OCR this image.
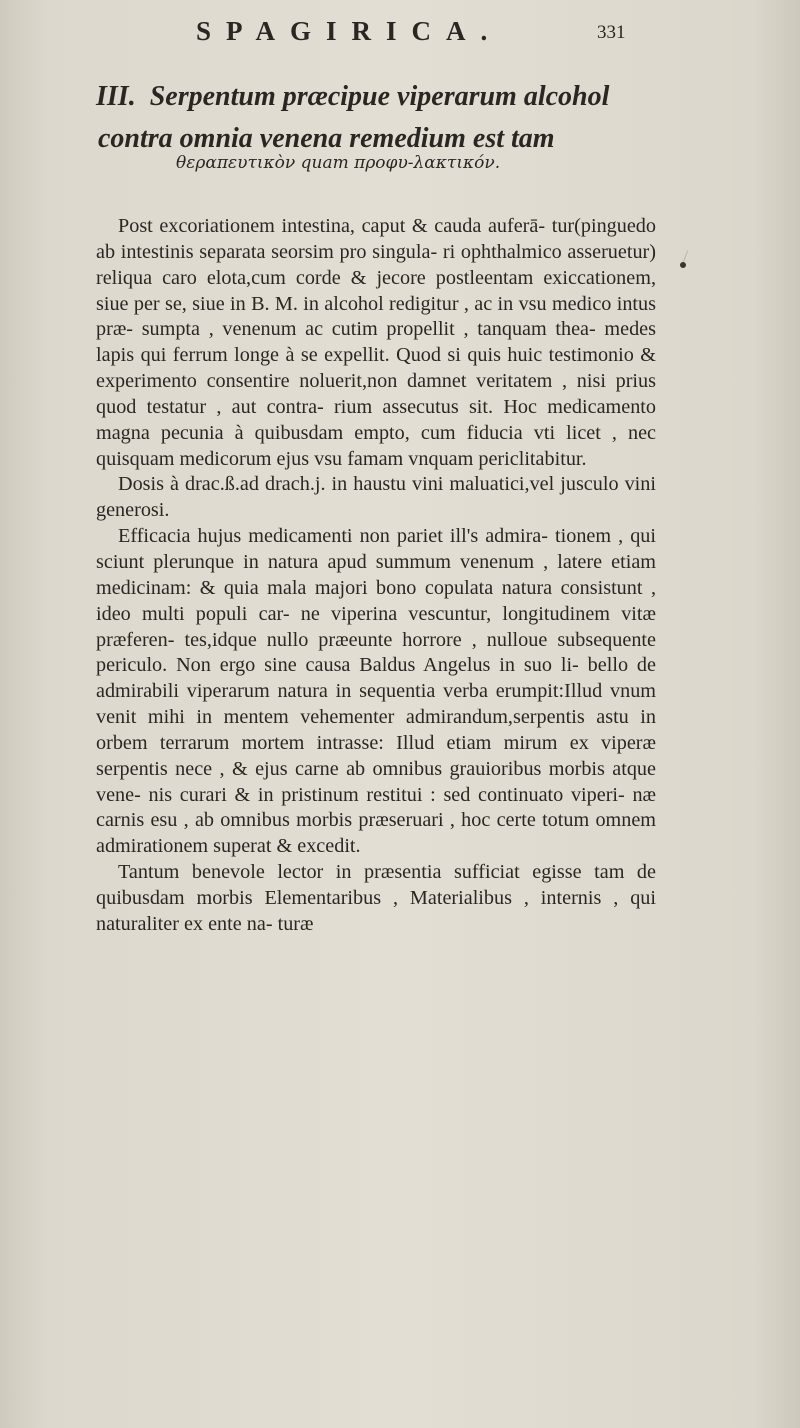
SPAGIRICA.	331
III. Serpentum præcipue viperarum alcohol
contra omnia venena remedium est tam
θεραπευτικὸν quam προφυ-λακτικόν.

Post excoriationem intestina, caput & cauda auferā- tur(pinguedo ab intestinis separata seorsim pro singula- ri ophthalmico asseruetur) reliqua caro elota,cum corde & jecore postleentam exiccationem, siue per se, siue in B. M. in alcohol redigitur , ac in vsu medico intus præ- sumpta , venenum ac cutim propellit , tanquam thea- medes lapis qui ferrum longe à se expellit. Quod si quis huic testimonio & experimento consentire noluerit,non damnet veritatem , nisi prius quod testatur , aut contra- rium assecutus sit. Hoc medicamento magna pecunia à quibusdam empto, cum fiducia vti licet , nec quisquam medicorum ejus vsu famam vnquam periclitabitur.

Dosis à drac.ß.ad drach.j. in haustu vini maluatici,vel jusculo vini generosi.

Efficacia hujus medicamenti non pariet ill's admira- tionem , qui sciunt plerunque in natura apud summum venenum , latere etiam medicinam: & quia mala majori bono copulata natura consistunt , ideo multi populi car- ne viperina vescuntur, longitudinem vitæ præferen- tes,idque nullo præeunte horrore , nulloue subsequente periculo. Non ergo sine causa Baldus Angelus in suo li- bello de admirabili viperarum natura in sequentia verba erumpit:Illud vnum venit mihi in mentem vehementer admirandum,serpentis astu in orbem terrarum mortem intrasse: Illud etiam mirum ex viperæ serpentis nece , & ejus carne ab omnibus grauioribus morbis atque vene- nis curari & in pristinum restitui : sed continuato viperi- næ carnis esu , ab omnibus morbis præseruari , hoc certe totum omnem admirationem superat & excedit.

Tantum benevole lector in præsentia sufficiat egisse tam de quibusdam morbis Elementaribus , Materialibus , internis , qui naturaliter ex ente na- turæ
